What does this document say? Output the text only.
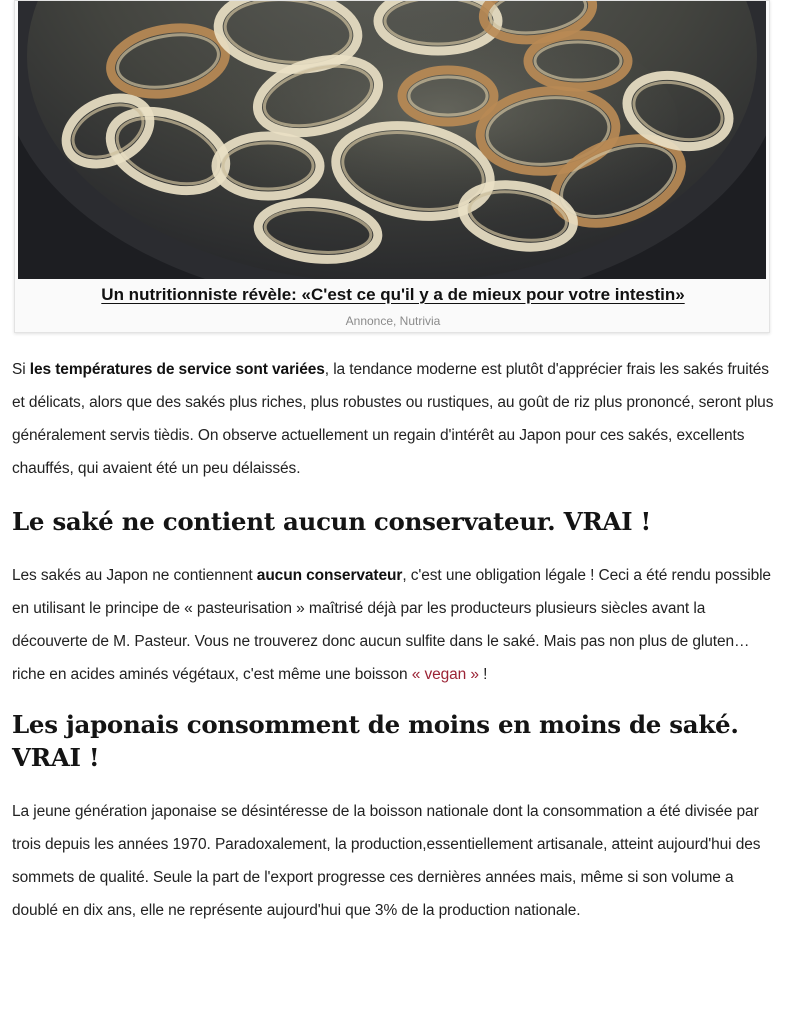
Un nutritionniste révèle: «C'est ce qu'il y a de mieux pour votre intestin»
Annonce, Nutrivia

Si les températures de service sont variées, la tendance moderne est plutôt d'apprécier frais les sakés fruités et délicats, alors que des sakés plus riches, plus robustes ou rustiques, au goût de riz plus prononcé, seront plus généralement servis tièdis. On observe actuellement un regain d'intérêt au Japon pour ces sakés, excellents chauffés, qui avaient été un peu délaissés.

Le saké ne contient aucun conservateur. VRAI !

Les sakés au Japon ne contiennent aucun conservateur, c'est une obligation légale ! Ceci a été rendu possible en utilisant le principe de « pasteurisation » maîtrisé déjà par les producteurs plusieurs siècles avant la découverte de M. Pasteur. Vous ne trouverez donc aucun sulfite dans le saké. Mais pas non plus de gluten… riche en acides aminés végétaux, c'est même une boisson « vegan » !

Les japonais consomment de moins en moins de saké. VRAI !

La jeune génération japonaise se désintéresse de la boisson nationale dont la consommation a été divisée par trois depuis les années 1970. Paradoxalement, la production,essentiellement artisanale, atteint aujourd'hui des sommets de qualité. Seule la part de l'export progresse ces dernières années mais, même si son volume a doublé en dix ans, elle ne représente aujourd'hui que 3% de la production nationale.
